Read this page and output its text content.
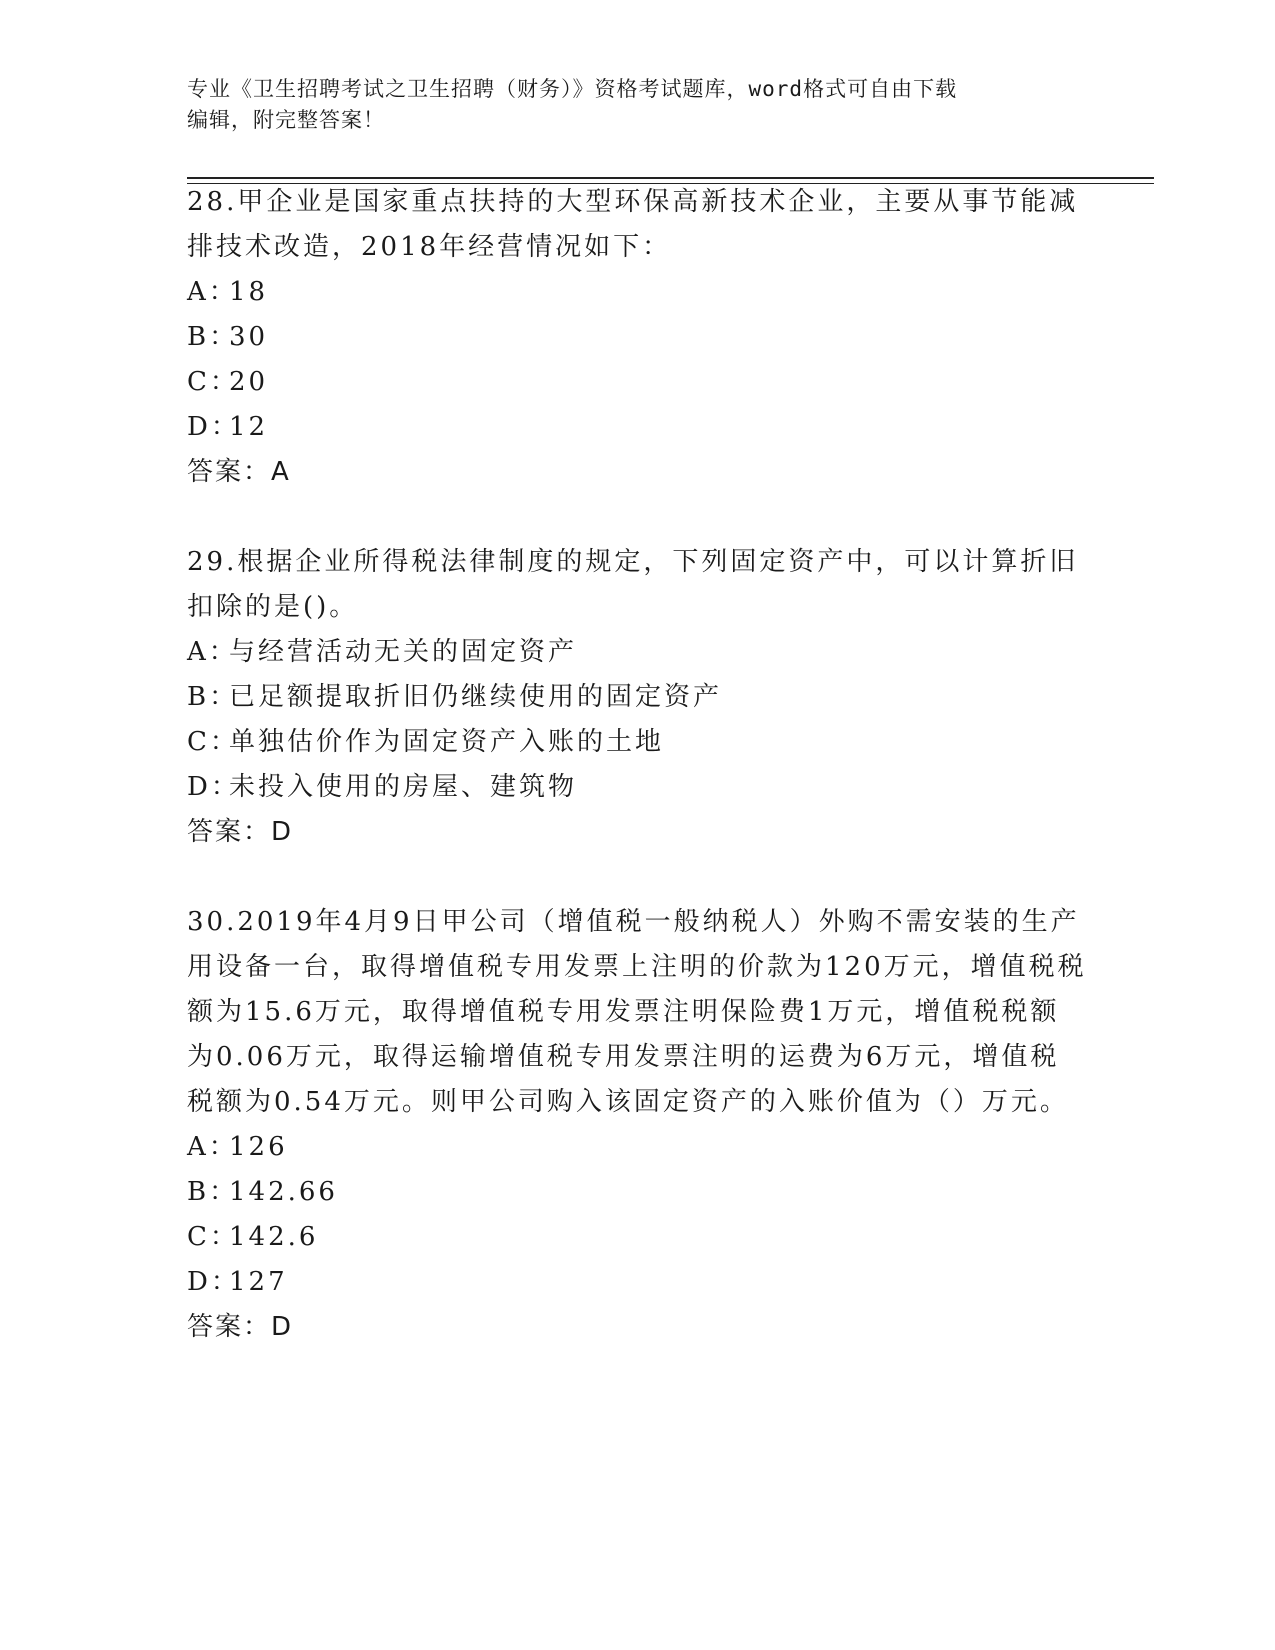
专业《卫生招聘考试之卫生招聘（财务）》资格考试题库，word格式可自由下载
编辑，附完整答案！

28.甲企业是国家重点扶持的大型环保高新技术企业，主要从事节能减排技术改造，2018年经营情况如下：

A：18

B：30

C：20

D：12

答案：A

29.根据企业所得税法律制度的规定，下列固定资产中，可以计算折旧扣除的是()。

A：与经营活动无关的固定资产

B：已足额提取折旧仍继续使用的固定资产

C：单独估价作为固定资产入账的土地

D：未投入使用的房屋、建筑物

答案：D

30.2019年4月9日甲公司（增值税一般纳税人）外购不需安装的生产用设备一台，取得增值税专用发票上注明的价款为120万元，增值税税额为15.6万元，取得增值税专用发票注明保险费1万元，增值税税额为0.06万元，取得运输增值税专用发票注明的运费为6万元，增值税税额为0.54万元。则甲公司购入该固定资产的入账价值为（）万元。

A：126

B：142.66

C：142.6

D：127

答案：D
